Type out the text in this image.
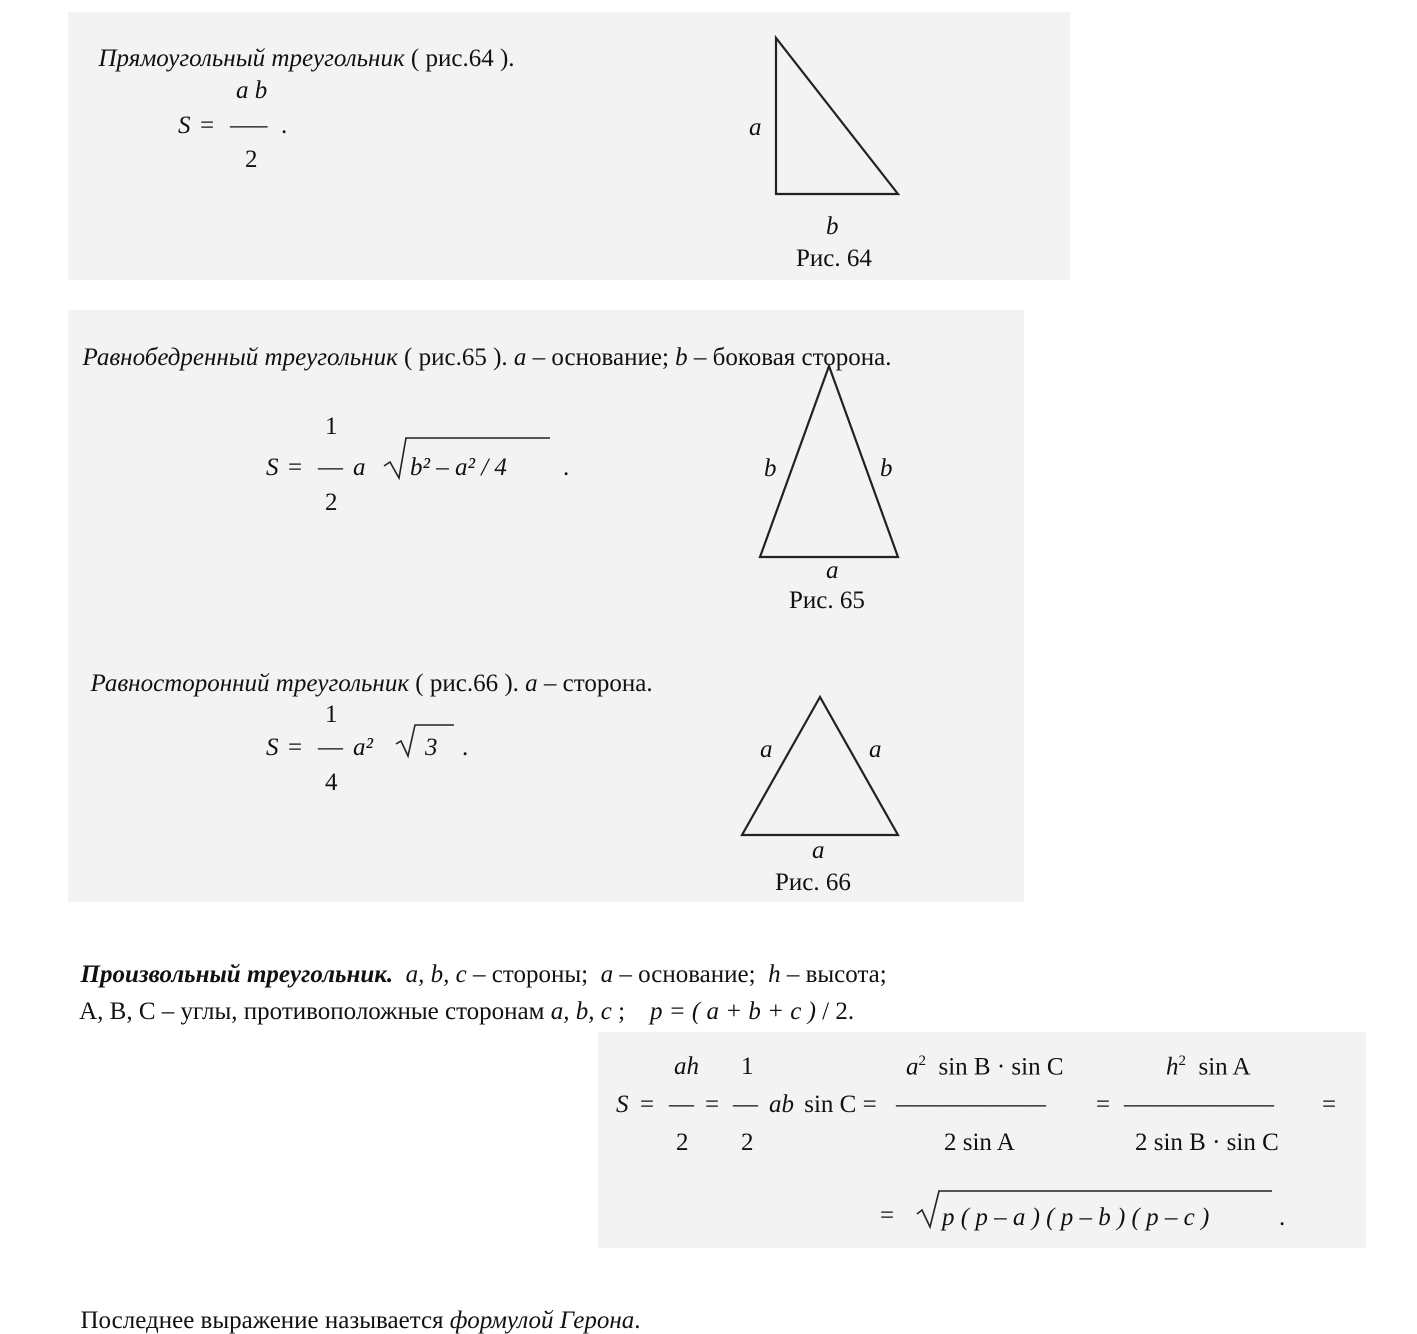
Прямоугольный треугольник ( рис.64 ).

a b
S = ––– .
2
a
b
Рис. 64

Равнобедренный треугольник ( рис.65 ). a – основание; b – боковая сторона.

1
S = –– a b² – a² / 4 .
2
b	b
a
Рис. 65

Равносторонний треугольник ( рис.66 ). a – сторона.

1
S = –– a² 3 .
4
a	a
a
Рис. 66

Произвольный треугольник.  a, b, c – стороны;  a – основание;  h – высота;

A, B, C – углы, противоположные сторонам a, b, c ;    p = ( a + b + c ) / 2.

ah 1	$a^2$  sin B · sin C	$h^2$  sin A
S = –– = –– ab sin C = –––––––––––– = –––––––––––– =
2 2	2 sin A	2 sin B · sin C
= p ( p – a ) ( p – b ) ( p – c )	.

Последнее выражение называется формулой Герона.
